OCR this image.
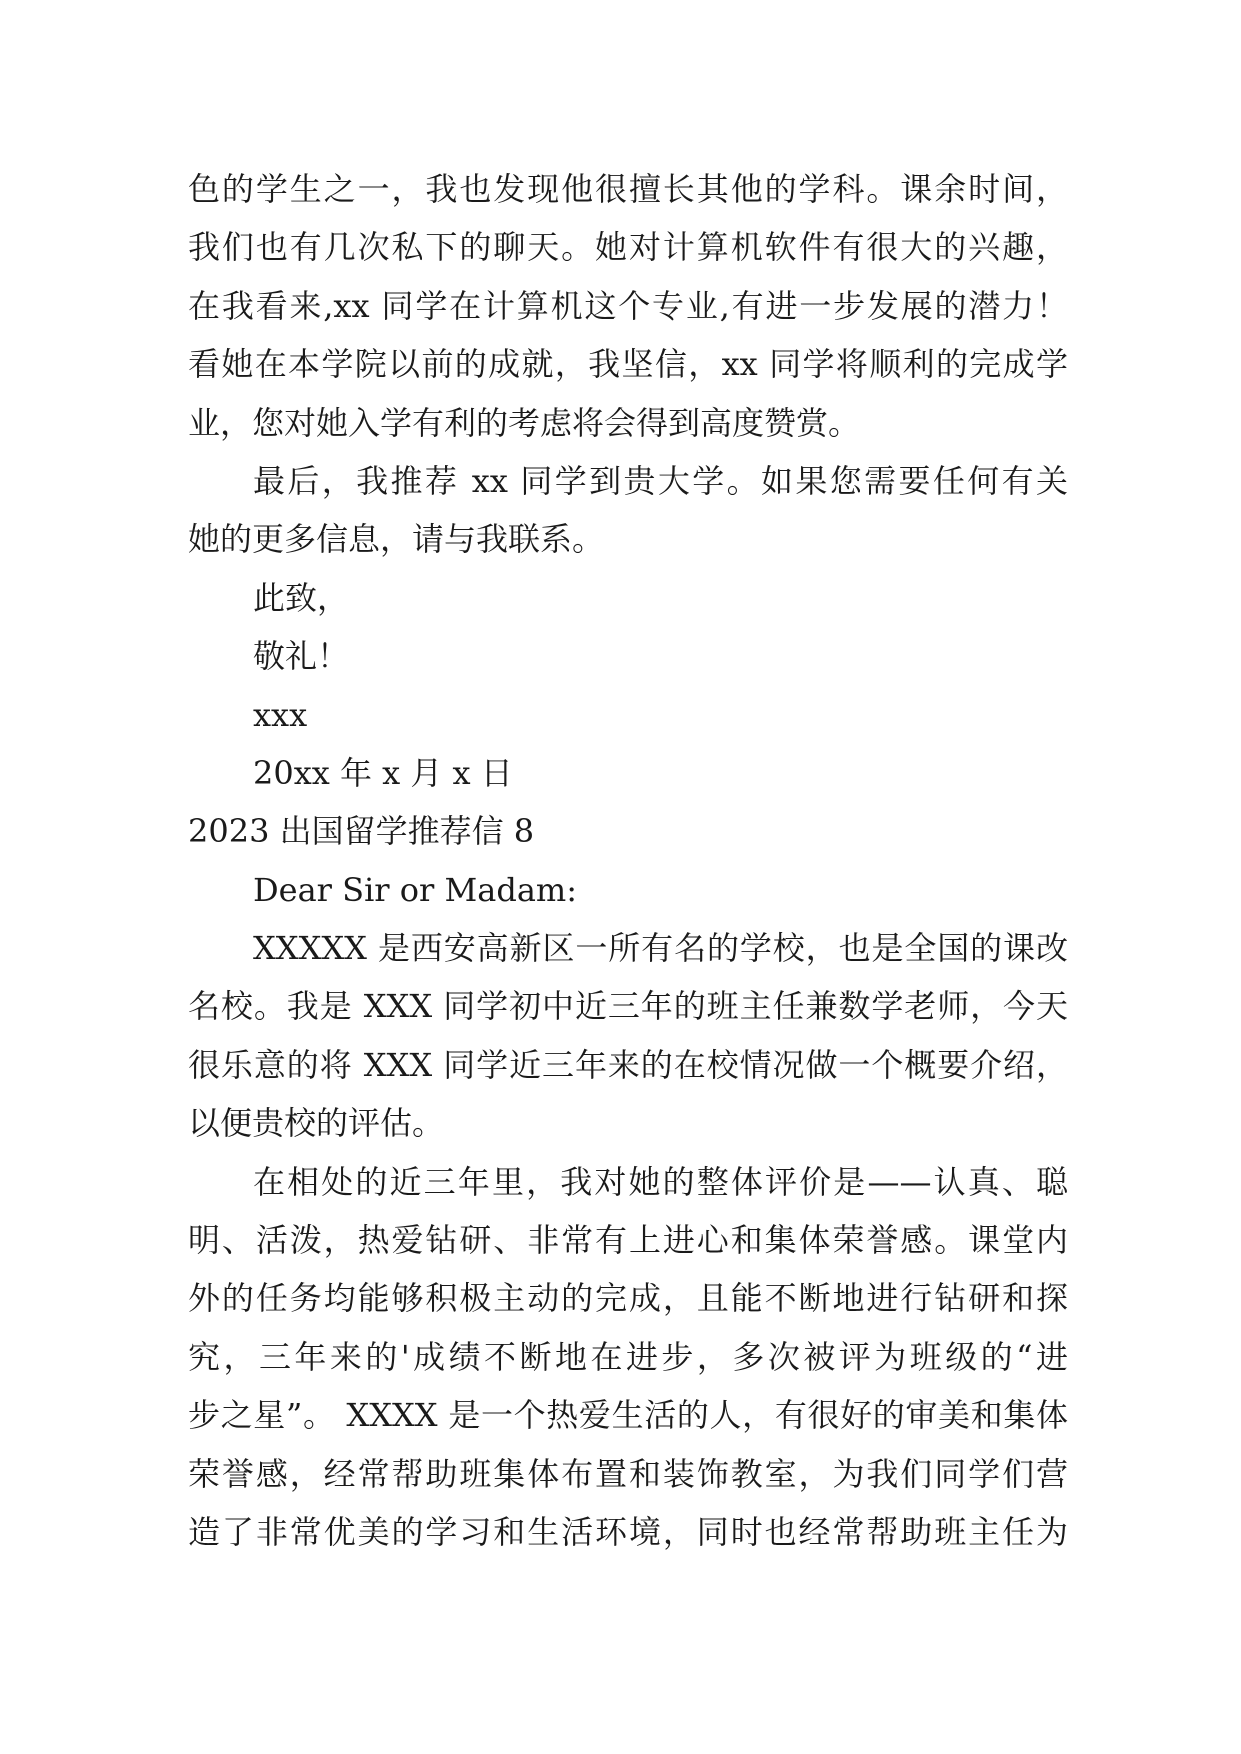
色的学生之一，我也发现他很擅长其他的学科。课余时间，
我们也有几次私下的聊天。她对计算机软件有很大的兴趣，
在我看来,xx 同学在计算机这个专业,有进一步发展的潜力！
看她在本学院以前的成就，我坚信，xx 同学将顺利的完成学
业，您对她入学有利的考虑将会得到高度赞赏。
最后，我推荐 xx 同学到贵大学。如果您需要任何有关
她的更多信息，请与我联系。
此致，
敬礼！
xxx
20xx 年 x 月 x 日
2023 出国留学推荐信 8
Dear Sir or Madam:
XXXXX 是西安高新区一所有名的学校，也是全国的课改
名校。我是 XXX 同学初中近三年的班主任兼数学老师，今天
很乐意的将 XXX 同学近三年来的在校情况做一个概要介绍，
以便贵校的评估。
在相处的近三年里，我对她的整体评价是——认真、聪
明、活泼，热爱钻研、非常有上进心和集体荣誉感。课堂内
外的任务均能够积极主动的完成，且能不断地进行钻研和探
究，三年来的'成绩不断地在进步，多次被评为班级的“进
步之星”。 XXXX 是一个热爱生活的人，有很好的审美和集体
荣誉感，经常帮助班集体布置和装饰教室，为我们同学们营
造了非常优美的学习和生活环境，同时也经常帮助班主任为
